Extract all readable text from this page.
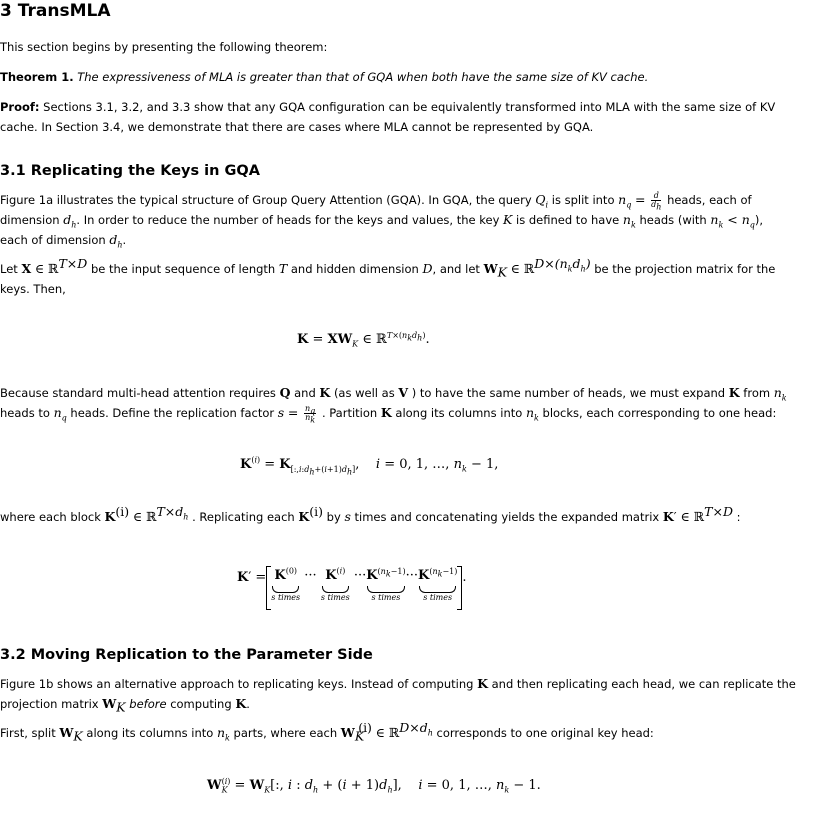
3 TransMLA

This section begins by presenting the following theorem:

Theorem 1. The expressiveness of MLA is greater than that of GQA when both have the same size of KV cache.

Proof: Sections 3.1, 3.2, and 3.3 show that any GQA configuration can be equivalently transformed into MLA with the same size of KV

cache. In Section 3.4, we demonstrate that there are cases where MLA cannot be represented by GQA.

3.1 Replicating the Keys in GQA

Figure 1a illustrates the typical structure of Group Query Attention (GQA). In GQA, the query $Q_i$ is split into $n_q = \frac{d}{d_h}$ heads, each of

dimension $d_h$. In order to reduce the number of heads for the keys and values, the key K is defined to have $n_k$ heads (with $n_k < n_q$),

each of dimension $d_h$.

Let X ∈ ℝ$^{T\times D}$ be the input sequence of length T and hidden dimension D, and let $W_K$ ∈ ℝ$^{D\times(n_kd_h)}$ be the projection matrix for the

keys. Then,

$K = XW_K$ ∈ ℝ$^{T\times(n_kd_h)}$.

Because standard multi-head attention requires Q and K (as well as V ) to have the same number of heads, we must expand K from $n_k$

heads to $n_q$ heads. Define the replication factor $s = \frac{n_q}{n_k}$ . Partition K along its columns into $n_k$ blocks, each corresponding to one head:

$K^{(i)} = K_{[:,i:d_h+(i+1)d_h]}$,    i = 0, 1, …, $n_k - 1$,

where each block $K^{(i)}$ ∈ ℝ$^{T\times d_h}$ . Replicating each $K^{(i)}$ by s times and concatenating yields the expanded matrix K′ ∈ ℝ$^{T\times D}$ :

$K' =K^{(0)}$
s times
··· $K^{(i)}$
s times
$\cdot\cdot\cdot K^{(n_k-1)}$
s times
$\cdot\cdot\cdot K^{(n_k-1)}$
s times
.
3.2 Moving Replication to the Parameter Side

Figure 1b shows an alternative approach to replicating keys. Instead of computing K and then replicating each head, we can replicate the

projection matrix $W_K$ before computing K.

First, split $W_K$ along its columns into $n_k$ parts, where each $W_K^{(i)}$ ∈ ℝ$^{D\times d_h}$ corresponds to one original key head:

$W_K^{(i)} = W_K$[:, i : $d_h + (i + 1)d_h$],    i = 0, 1, …, $n_k - 1$.
